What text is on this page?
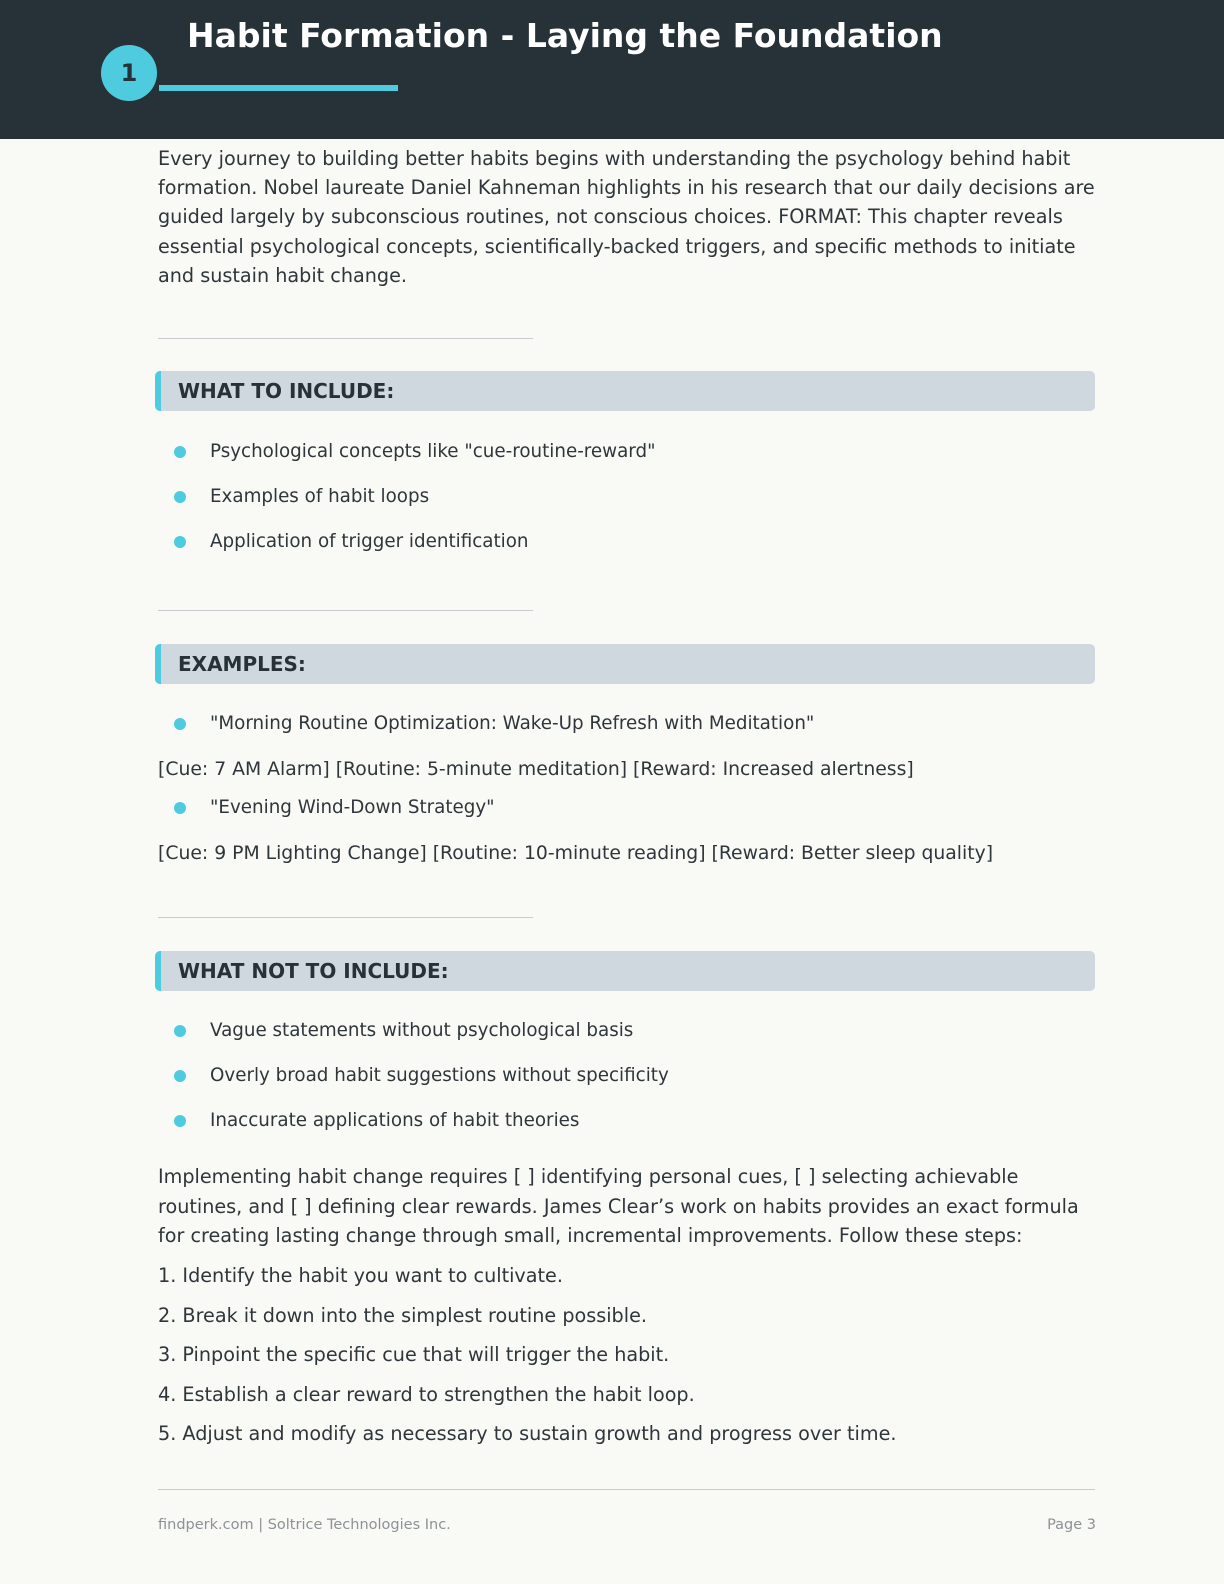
Habit Formation - Laying the Foundation
1

Every journey to building better habits begins with understanding the psychology behind habit formation. Nobel laureate Daniel Kahneman highlights in his research that our daily decisions are guided largely by subconscious routines, not conscious choices. FORMAT: This chapter reveals essential psychological concepts, scientifically-backed triggers, and specific methods to initiate and sustain habit change.

WHAT TO INCLUDE:
Psychological concepts like "cue-routine-reward"
Examples of habit loops
Application of trigger identification
EXAMPLES:
"Morning Routine Optimization: Wake-Up Refresh with Meditation"
[Cue: 7 AM Alarm] [Routine: 5-minute meditation] [Reward: Increased alertness]
"Evening Wind-Down Strategy"
[Cue: 9 PM Lighting Change] [Routine: 10-minute reading] [Reward: Better sleep quality]
WHAT NOT TO INCLUDE:
Vague statements without psychological basis
Overly broad habit suggestions without specificity
Inaccurate applications of habit theories

Implementing habit change requires [ ] identifying personal cues, [ ] selecting achievable routines, and [ ] defining clear rewards. James Clear’s work on habits provides an exact formula for creating lasting change through small, incremental improvements. Follow these steps:

1. Identify the habit you want to cultivate.
2. Break it down into the simplest routine possible.
3. Pinpoint the specific cue that will trigger the habit.
4. Establish a clear reward to strengthen the habit loop.
5. Adjust and modify as necessary to sustain growth and progress over time.
findperk.com | Soltrice Technologies Inc.	Page 3
